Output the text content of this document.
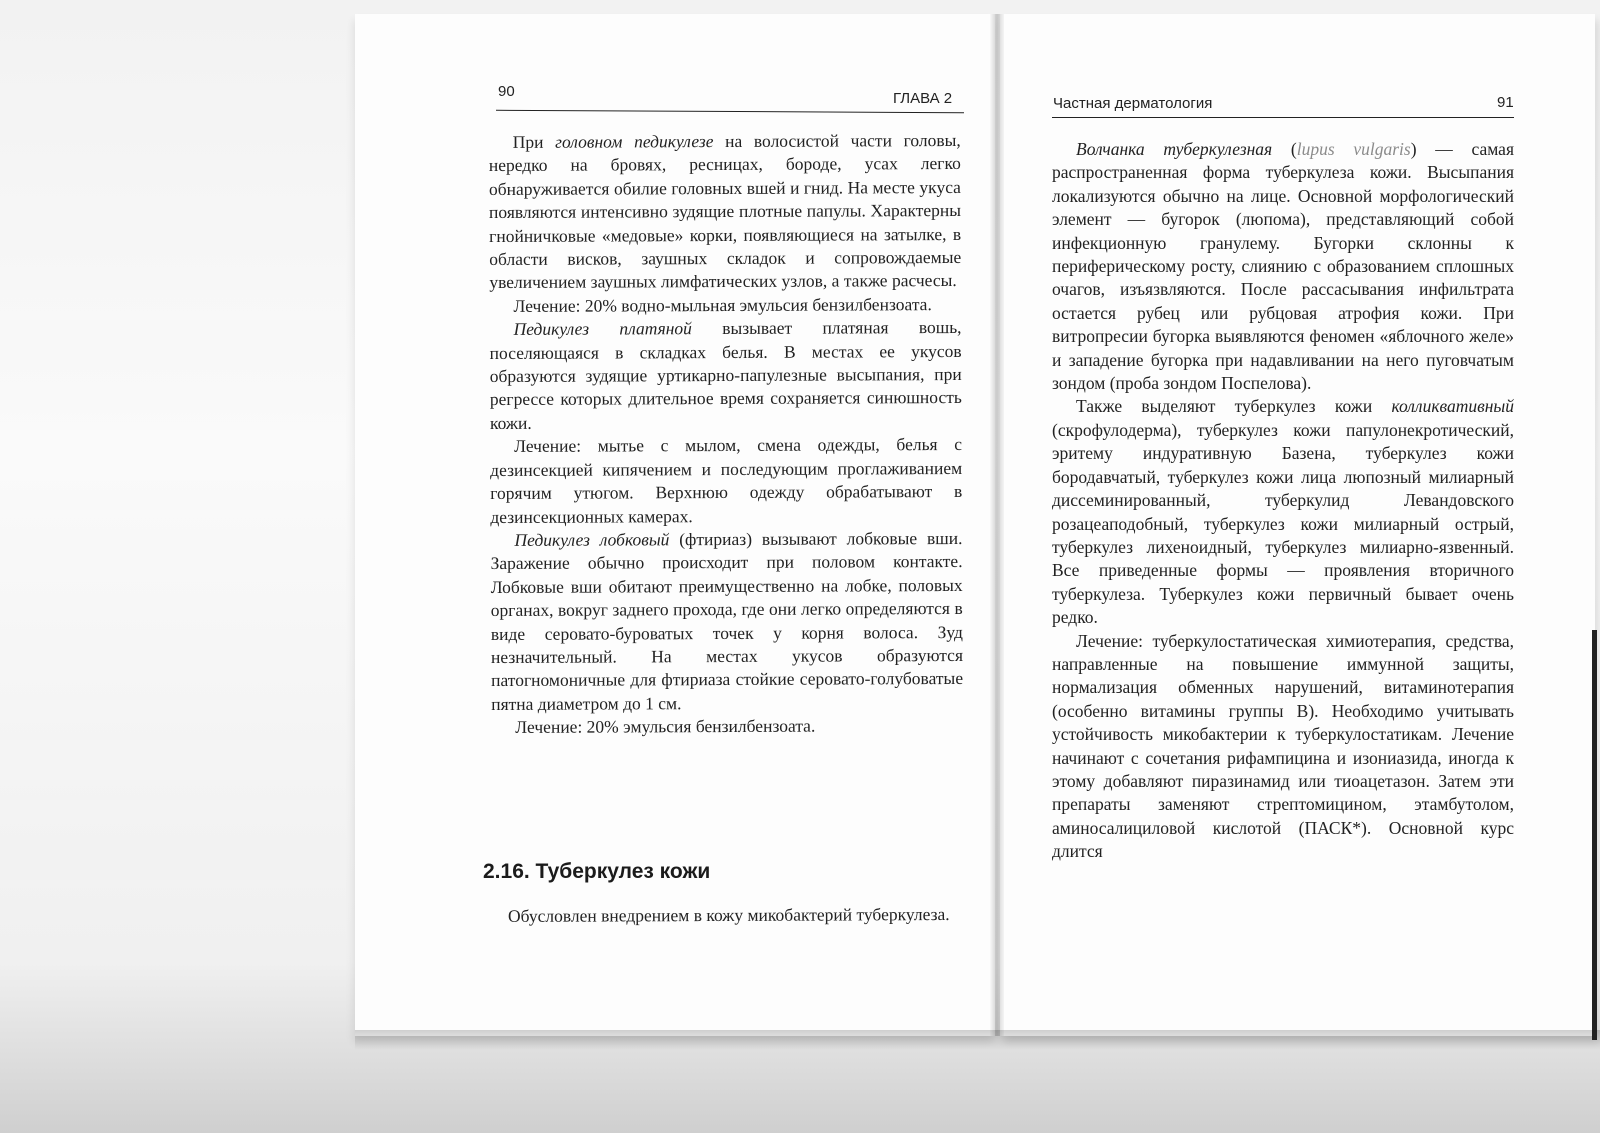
90	ГЛАВА 2

При головном педикулезе на волосистой части головы, нередко на бровях, ресницах, бороде, усах легко обнаруживается обилие головных вшей и гнид. На месте укуса появляются интенсивно зудящие плотные папулы. Характерны гнойничковые «медовые» корки, появляющиеся на затылке, в области висков, заушных складок и сопровождаемые увеличением заушных лимфатических узлов, а также расчесы.

Лечение: 20% водно-мыльная эмульсия бензилбензоата.

Педикулез платяной вызывает платяная вошь, поселяющаяся в складках белья. В местах ее укусов образуются зудящие уртикарно-папулезные высыпания, при регрессе которых длительное время сохраняется синюшность кожи.

Лечение: мытье с мылом, смена одежды, белья с дезинсекцией кипячением и последующим проглаживанием горячим утюгом. Верхнюю одежду обрабатывают в дезинсекционных камерах.

Педикулез лобковый (фтириаз) вызывают лобковые вши. Заражение обычно происходит при половом контакте. Лобковые вши обитают преимущественно на лобке, половых органах, вокруг заднего прохода, где они легко определяются в виде серовато-буроватых точек у корня волоса. Зуд незначительный. На местах укусов образуются патогномоничные для фтириаза стойкие серовато-голубоватые пятна диаметром до 1 см.

Лечение: 20% эмульсия бензилбензоата.

2.16. Туберкулез кожи

Обусловлен внедрением в кожу микобактерий туберкулеза.

Частная дерматология	91

Волчанка туберкулезная (lupus vulgaris) — самая распространенная форма туберкулеза кожи. Высыпания локализуются обычно на лице. Основной морфологический элемент — бугорок (люпома), представляющий собой инфекционную гранулему. Бугорки склонны к периферическому росту, слиянию с образованием сплошных очагов, изъязвляются. После рассасывания инфильтрата остается рубец или рубцовая атрофия кожи. При витропресии бугорка выявляются феномен «яблочного желе» и западение бугорка при надавливании на него пуговчатым зондом (проба зондом Поспелова).

Также выделяют туберкулез кожи колликвативный (скрофулодерма), туберкулез кожи папулонекротический, эритему индуративную Базена, туберкулез кожи бородавчатый, туберкулез кожи лица люпозный милиарный диссеминированный, туберкулид Левандовского розацеаподобный, туберкулез кожи милиарный острый, туберкулез лихеноидный, туберкулез милиарно-язвенный. Все приведенные формы — проявления вторичного туберкулеза. Туберкулез кожи первичный бывает очень редко.

Лечение: туберкулостатическая химиотерапия, средства, направленные на повышение иммунной защиты, нормализация обменных нарушений, витаминотерапия (особенно витамины группы В). Необходимо учитывать устойчивость микобактерии к туберкулостатикам. Лечение начинают с сочетания рифампицина и изониазида, иногда к этому добавляют пиразинамид или тиоацетазон. Затем эти препараты заменяют стрептомицином, этамбутолом, аминосалициловой кислотой (ПАСК*). Основной курс длится
